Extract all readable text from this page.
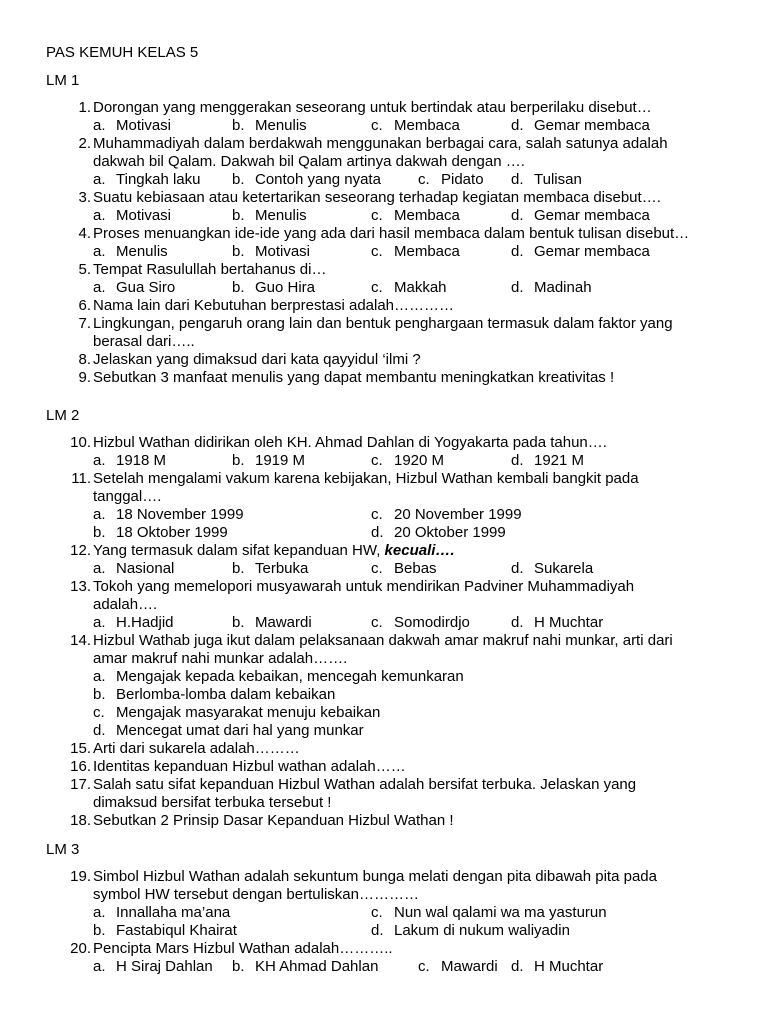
PAS KEMUH KELAS 5
LM 1
1. Dorongan yang menggerakan seseorang untuk bertindak atau berperilaku disebut…
a. Motivasi	b. Menulis	c. Membaca	d. Gemar membaca
2. Muhammadiyah dalam berdakwah menggunakan berbagai cara, salah satunya adalah
dakwah bil Qalam. Dakwah bil Qalam artinya dakwah dengan ….
a. Tingkah laku b. Contoh yang nyata c. Pidato d. Tulisan
3. Suatu kebiasaan atau ketertarikan seseorang terhadap kegiatan membaca disebut….
a. Motivasi	b. Menulis	c. Membaca	d. Gemar membaca
4. Proses menuangkan ide-ide yang ada dari hasil membaca dalam bentuk tulisan disebut…
a. Menulis	b. Motivasi	c. Membaca	d. Gemar membaca
5. Tempat Rasulullah bertahanus di…
a. Gua Siro	b. Guo Hira	c. Makkah	d. Madinah
6. Nama lain dari Kebutuhan berprestasi adalah…………
7. Lingkungan, pengaruh orang lain dan bentuk penghargaan termasuk dalam faktor yang
berasal dari…..
8. Jelaskan yang dimaksud dari kata qayyidul ‘ilmi ?
9. Sebutkan 3 manfaat menulis yang dapat membantu meningkatkan kreativitas !
LM 2
10. Hizbul Wathan didirikan oleh KH. Ahmad Dahlan di Yogyakarta pada tahun….
a. 1918 M	b. 1919 M	c. 1920 M	d. 1921 M
11. Setelah mengalami vakum karena kebijakan, Hizbul Wathan kembali bangkit pada
tanggal….
a. 18 November 1999	c. 20 November 1999
b. 18 Oktober 1999	d. 20 Oktober 1999
12. Yang termasuk dalam sifat kepanduan HW, kecuali….
a. Nasional	b. Terbuka	c. Bebas	d. Sukarela
13. Tokoh yang memelopori musyawarah untuk mendirikan Padviner Muhammadiyah
adalah….
a. H.Hadjid	b. Mawardi	c. Somodirdjo	d. H Muchtar
14. Hizbul Wathab juga ikut dalam pelaksanaan dakwah amar makruf nahi munkar, arti dari
amar makruf nahi munkar adalah…….
a. Mengajak kepada kebaikan, mencegah kemunkaran
b. Berlomba-lomba dalam kebaikan
c. Mengajak masyarakat menuju kebaikan
d. Mencegat umat dari hal yang munkar
15. Arti dari sukarela adalah………
16. Identitas kepanduan Hizbul wathan adalah……
17. Salah satu sifat kepanduan Hizbul Wathan adalah bersifat terbuka. Jelaskan yang
dimaksud bersifat terbuka tersebut !
18. Sebutkan 2 Prinsip Dasar Kepanduan Hizbul Wathan !
LM 3
19. Simbol Hizbul Wathan adalah sekuntum bunga melati dengan pita dibawah pita pada
symbol HW tersebut dengan bertuliskan…………
a. Innallaha ma’ana	c. Nun wal qalami wa ma yasturun
b. Fastabiqul Khairat	d. Lakum di nukum waliyadin
20. Pencipta Mars Hizbul Wathan adalah………..
a. H Siraj Dahlan b. KH Ahmad Dahlan	c. Mawardi d. H Muchtar
